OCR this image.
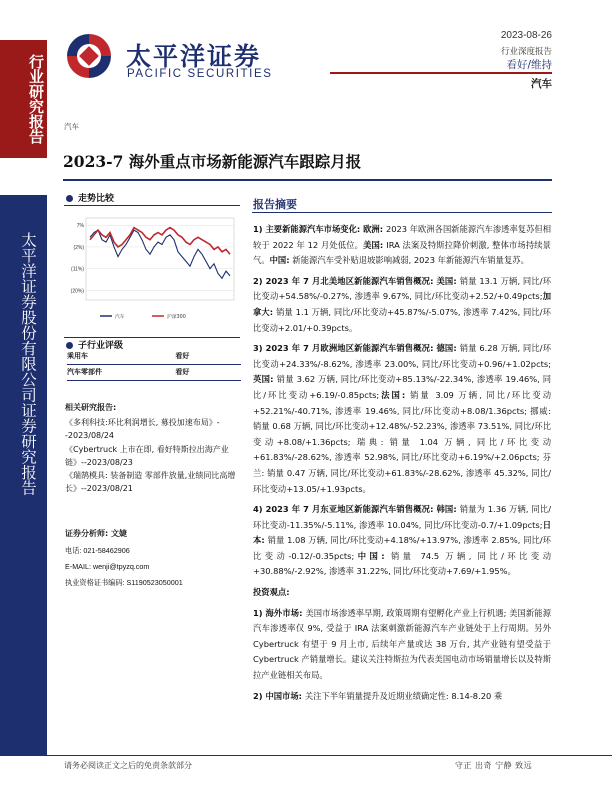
行业研究报告
太平洋证券股份有限公司证券研究报告
太平洋证券
PACIFIC SECURITIES
2023-08-26
行业深度报告
看好/维持
汽车
汽车
2023-7 海外重点市场新能源汽车跟踪月报
走势比较
7%
(2%)
(11%)
(20%)
汽车	沪深300
子行业评级
乘用车	看好
汽车零部件	看好
相关研究报告:

《多利科技:环比利润增长, 募投加速布局》--2023/08/24

《Cybertruck 上市在即, 看好特斯拉出海产业链》--2023/08/23

《瑞鹄模具: 装备制造 零部件放量,业绩同比高增长》--2023/08/21

证券分析师: 文婕
电话: 021-58462906
E-MAIL: wenji@tpyzq.com
执业资格证书编码: S1190523050001
报告摘要

1) 主要新能源汽车市场变化: 欧洲: 2023 年欧洲各国新能源汽车渗透率复苏但相较于 2022 年 12 月处低位。美国: IRA 法案及特斯拉降价刺激, 整体市场持续景气。中国: 新能源汽车受补贴退坡影响减弱, 2023 年新能源汽车销量复苏。

2) 2023 年 7 月北美地区新能源汽车销售概况: 美国: 销量 13.1 万辆, 同比/环比变动+54.58%/-0.27%, 渗透率 9.67%, 同比/环比变动+2.52/+0.49pcts;加拿大: 销量 1.1 万辆, 同比/环比变动+45.87%/-5.07%, 渗透率 7.42%, 同比/环比变动+2.01/+0.39pcts。

3) 2023 年 7 月欧洲地区新能源汽车销售概况: 德国: 销量 6.28 万辆, 同比/环比变动+24.33%/-8.62%, 渗透率 23.00%, 同比/环比变动+0.96/+1.02pcts;英国: 销量 3.62 万辆, 同比/环比变动+85.13%/-22.34%, 渗透率 19.46%, 同比/环比变动+6.19/-0.85pcts;法国: 销量 3.09 万辆, 同比/环比变动+52.21%/-40.71%, 渗透率 19.46%, 同比/环比变动+8.08/1.36pcts; 挪威: 销量 0.68 万辆, 同比/环比变动+12.48%/-52.23%, 渗透率 73.51%, 同比/环比变动+8.08/+1.36pcts; 瑞典: 销量 1.04 万辆, 同比/环比变动+61.83%/-28.62%, 渗透率 52.98%, 同比/环比变动+6.19%/+2.06pcts; 芬兰: 销量 0.47 万辆, 同比/环比变动+61.83%/-28.62%, 渗透率 45.32%, 同比/环比变动+13.05/+1.93pcts。

4) 2023 年 7 月东亚地区新能源汽车销售概况: 韩国: 销量为 1.36 万辆, 同比/环比变动-11.35%/-5.11%, 渗透率 10.04%, 同比/环比变动-0.7/+1.09pcts;日本: 销量 1.08 万辆, 同比/环比变动+4.18%/+13.97%, 渗透率 2.85%, 同比/环比变动-0.12/-0.35pcts;中国: 销量 74.5 万辆, 同比/环比变动+30.88%/-2.92%, 渗透率 31.22%, 同比/环比变动+7.69/+1.95%。

投资观点:

1) 海外市场: 美国市场渗透率早期, 政策周期有望孵化产业上行机遇; 美国新能源汽车渗透率仅 9%, 受益于 IRA 法案刺激新能源汽车产业链处于上行周期。另外 Cybertruck 有望于 9 月上市, 后续年产量或达 38 万台, 其产业链有望受益于 Cybertruck 产销量增长。建议关注特斯拉为代表美国电动市场销量增长以及特斯拉产业链相关布局。

2) 中国市场: 关注下半年销量提升及近期业绩确定性: 8.14-8.20 乘

请务必阅读正文之后的免责条款部分	守正 出奇 宁静 致远
